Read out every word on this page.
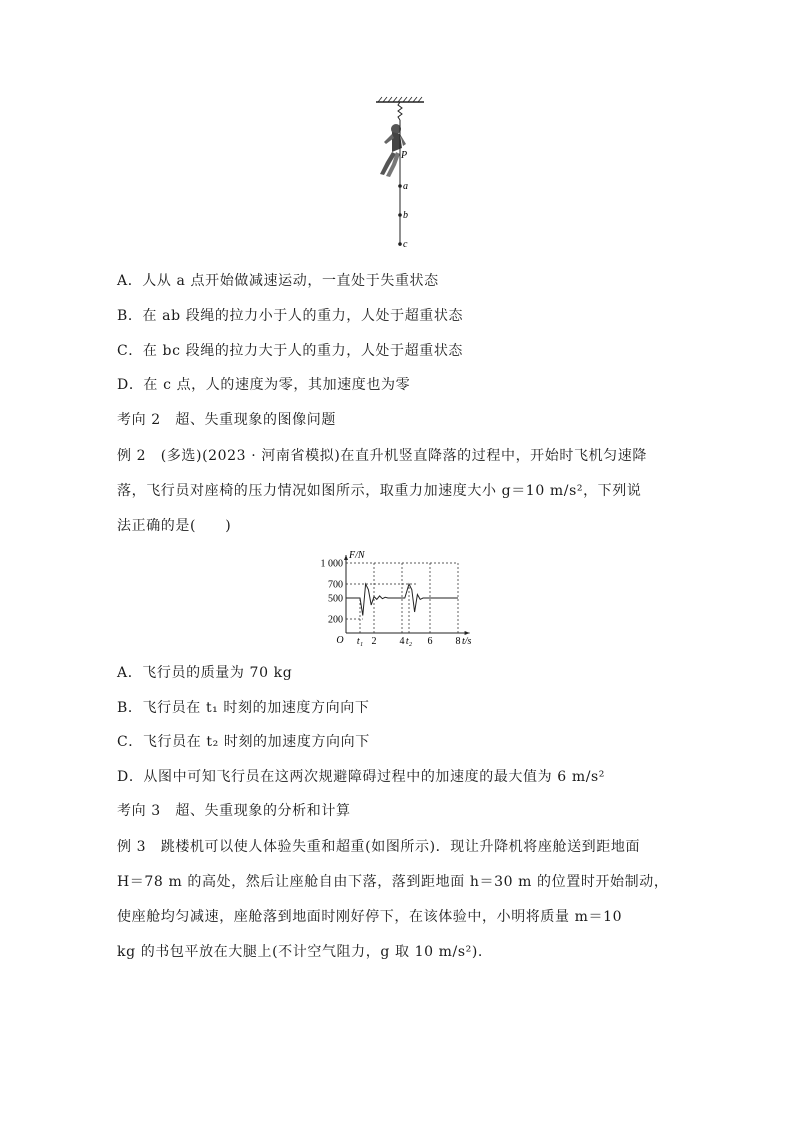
P
a
b
c
A．人从 a 点开始做减速运动，一直处于失重状态
B．在 ab 段绳的拉力小于人的重力，人处于超重状态
C．在 bc 段绳的拉力大于人的重力，人处于超重状态
D．在 c 点，人的速度为零，其加速度也为零
考向 2　超、失重现象的图像问题
例 2　(多选)(2023 · 河南省模拟)在直升机竖直降落的过程中，开始时飞机匀速降
落，飞行员对座椅的压力情况如图所示，取重力加速度大小 g＝10 m/s²，下列说
法正确的是(　　)
1 000
700
500
200
t₁ 2 4 t₂ 6 8
O
F/N
t/s
A．飞行员的质量为 70 kg
B．飞行员在 t₁ 时刻的加速度方向向下
C．飞行员在 t₂ 时刻的加速度方向向下
D．从图中可知飞行员在这两次规避障碍过程中的加速度的最大值为 6 m/s²
考向 3　超、失重现象的分析和计算
例 3　跳楼机可以使人体验失重和超重(如图所示)．现让升降机将座舱送到距地面
H＝78 m 的高处，然后让座舱自由下落，落到距地面 h＝30 m 的位置时开始制动，
使座舱均匀减速，座舱落到地面时刚好停下，在该体验中，小明将质量 m＝10
kg 的书包平放在大腿上(不计空气阻力，g 取 10 m/s²).
